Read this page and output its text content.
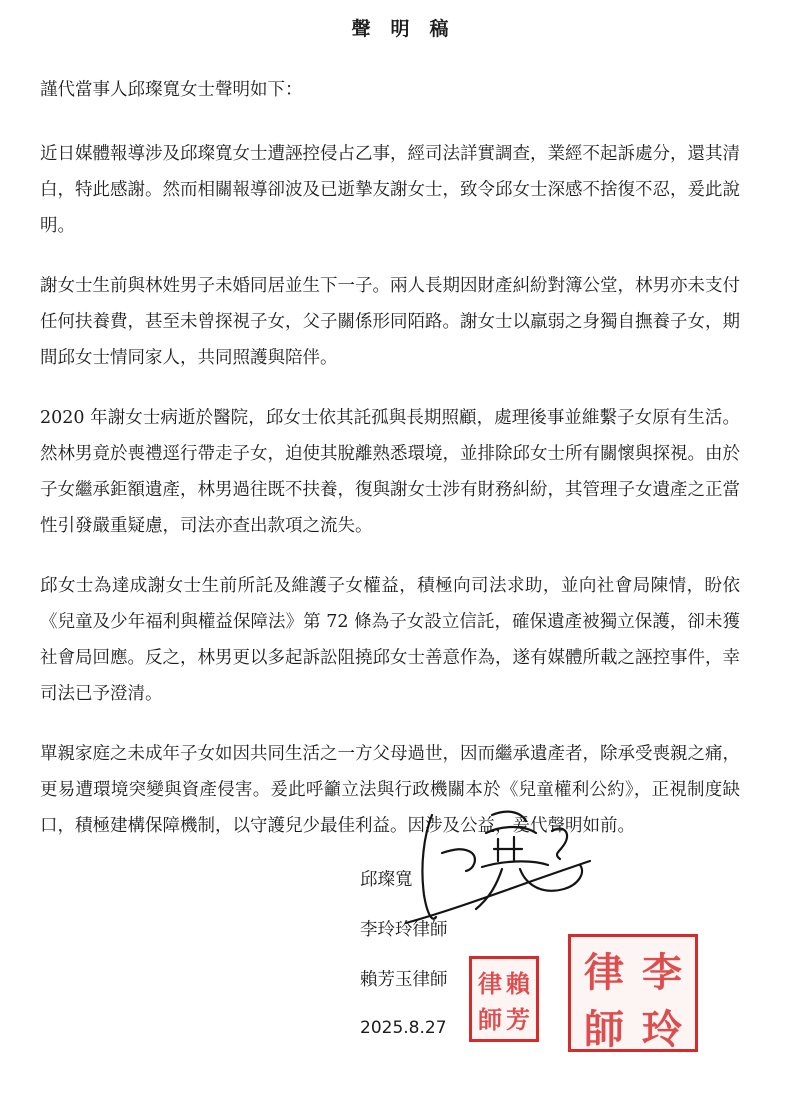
聲明稿

謹代當事人邱璨寬女士聲明如下：

近日媒體報導涉及邱璨寬女士遭誣控侵占乙事，經司法詳實調查，業經不起訴處分，還其清白，特此感謝。然而相關報導卻波及已逝摯友謝女士，致令邱女士深感不捨復不忍，爰此說明。

謝女士生前與林姓男子未婚同居並生下一子。兩人長期因財產糾紛對簿公堂，林男亦未支付任何扶養費，甚至未曾探視子女，父子關係形同陌路。謝女士以羸弱之身獨自撫養子女，期間邱女士情同家人，共同照護與陪伴。

2020 年謝女士病逝於醫院，邱女士依其託孤與長期照顧，處理後事並維繫子女原有生活。然林男竟於喪禮逕行帶走子女，迫使其脫離熟悉環境，並排除邱女士所有關懷與探視。由於子女繼承鉅額遺產，林男過往既不扶養，復與謝女士涉有財務糾紛，其管理子女遺產之正當性引發嚴重疑慮，司法亦查出款項之流失。

邱女士為達成謝女士生前所託及維護子女權益，積極向司法求助，並向社會局陳情，盼依《兒童及少年福利與權益保障法》第 72 條為子女設立信託，確保遺產被獨立保護，卻未獲社會局回應。反之，林男更以多起訴訟阻撓邱女士善意作為，遂有媒體所載之誣控事件，幸司法已予澄清。

單親家庭之未成年子女如因共同生活之一方父母過世，因而繼承遺產者，除承受喪親之痛，更易遭環境突變與資產侵害。爰此呼籲立法與行政機關本於《兒童權利公約》，正視制度缺口，積極建構保障機制，以守護兒少最佳利益。因涉及公益，爰代聲明如前。

邱璨寬
李玲玲律師
賴芳玉律師
2025.8.27
律
師
賴
芳
律
師
李
玲
